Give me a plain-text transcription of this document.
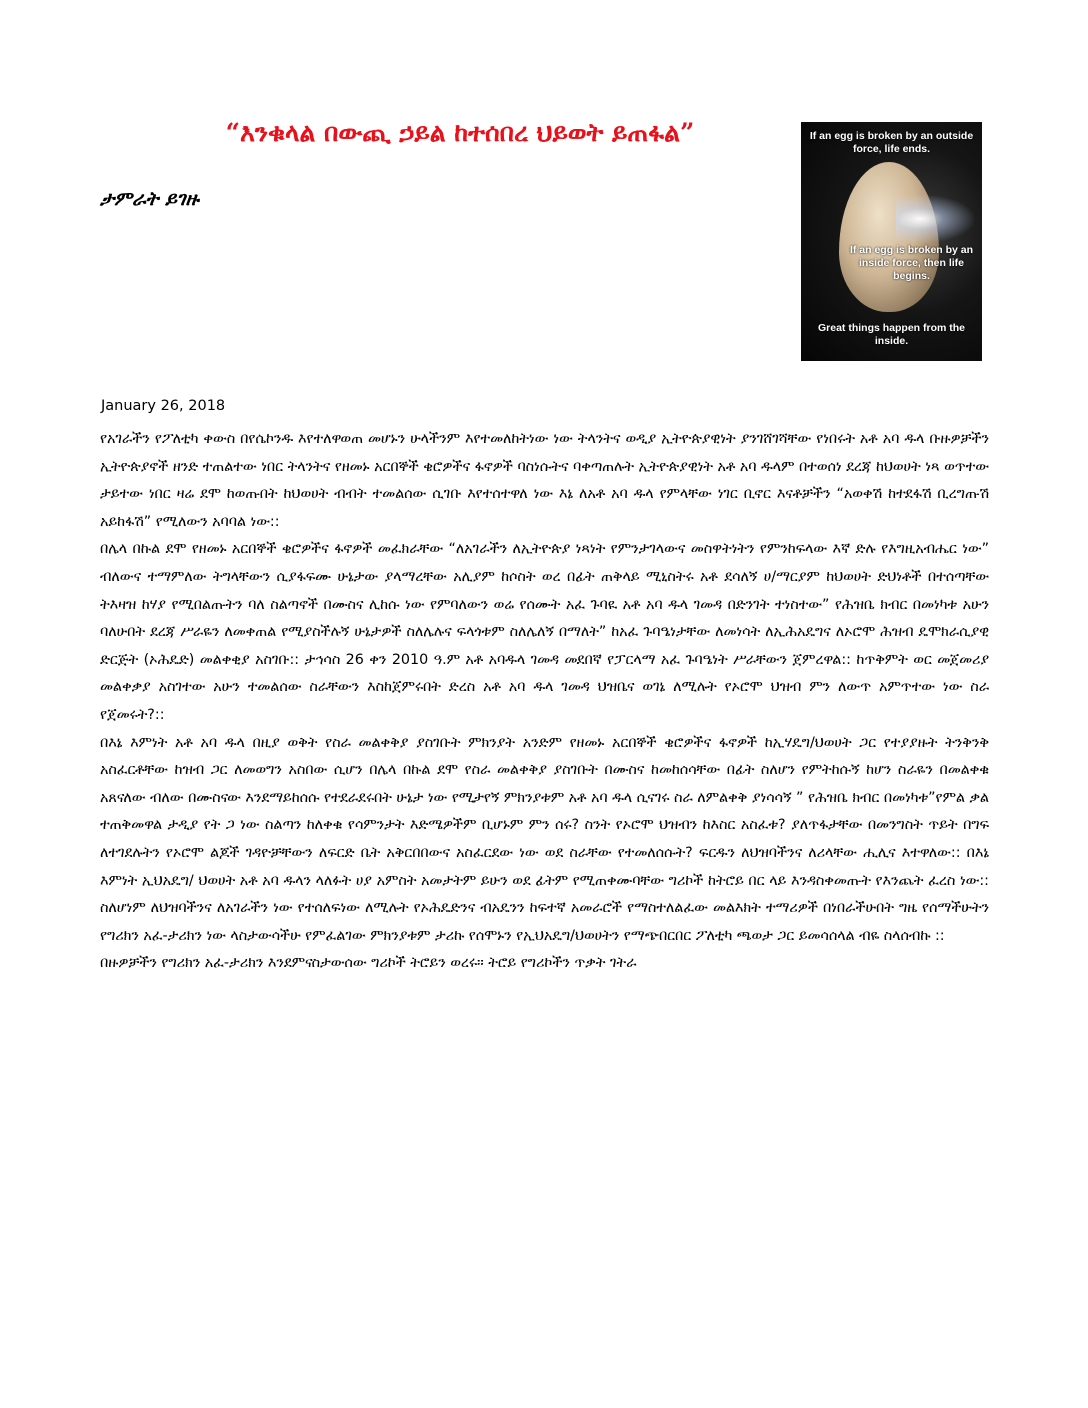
“እንቁላል በውጪ ኃይል ከተሰበረ ህይወት ይጠፋል”
ታምራት ይገዙ
If an egg is broken by an outside force, life ends.
If an egg is broken by an inside force, then life begins.
Great things happen from the inside.
January 26, 2018

የአገራችን የፖለቲካ ቀውስ በየሴኮንዱ እየተለዋወጠ መሆኑን ሁላችንም እየተመለከትነው ነው ትላንትና ወዲያ ኢትዮጵያዊነት ያንገሸገሻቸው የነበሩት አቶ አባ ዱላ ቡዙዎቻችን ኢትዮጵያኖች ዘንድ ተጠልተው ነበር ትላንትና የዘመኑ አርበኞች ቄሮዎችና ፋኖዎች ባስነሱትና ባቀጣጠሉት ኢትዮጵያዊነት አቶ አባ ዱላም በተወሰነ ደረጃ ከህወሀት ነጻ ወጥተው ታይተው ነበር ዛሬ ደሞ ከወጡበት ከህወሀት ብብት ተመልሰው ሲገቡ እየተሰተዋለ ነው እኔ ለአቶ አባ ዱላ የምላቸው ነገር ቢኖር እናቶቻችን “አወቀሽ ከተደፋሽ ቢረግጡሽ አይከፋሽ” የሚለውን አባባል ነው::

በሌላ በኩል ደሞ የዘመኑ አርበኞች ቄሮዎችና ፋኖዎች መፈክራቸው “ለአገራችን ለኢትዮጵያ ነጻነት የምንታገላውና መስዋትነትን የምንከፍላው እኛ ድሉ የእግዚአብሔር ነው” ብለውና ተማምለው ትግላቸውን ሲያፋፍሙ ሁኔታው ያላማረቸው አሊያም ከሶስት ወረ በፊት ጠቅላይ ሚኒስትሩ አቶ ደሳለኝ ሀ/ማርያም ከህወሀት ድህነቶች በተሰጣቸው ትእዛዝ ከሃያ የሚበልጡትን ባለ ስልጣኖች በሙስና ሊከሱ ነው የምባለውን ወሬ የሰሙት አፈ ጉባዪ አቶ አባ ዱላ ገመዳ በድንገት ተነስተው” የሕዝቤ ክብር በመነካቱ አሁን ባለሁበት ደረጃ ሥራዬን ለመቀጠል የሚያስችሉኝ ሁኔታዎች ስለሌሉና ፍላጎቱም ስለሌለኝ በማለት” ከአፈ ጉባዔነታቸው ለመነሳት ለኢሕአዴግና ለኦሮሞ ሕዝብ ዴሞክራሲያዊ ድርጅት (ኦሕዴድ) መልቀቂያ አስገቡ:: ታኅሳስ 26 ቀን 2010 ዓ.ም አቶ አባዱላ ገመዳ መደበኛ የፓርላማ አፈ ጉባዔነት ሥራቸውን ጀምረዋል:: ከጥቅምት ወር መጀመሪያ መልቀቃያ አስገተው አሁን ተመልሰው ስራቸውን እስከጀምሩበት ድረስ አቶ አባ ዱላ ገመዳ ህዝቤና ወገኔ ለሚሉት የኦሮሞ ህዝብ ምን ለውጥ አምጥተው ነው ስራ የጀመሩት?::

በእኔ እምነት አቶ አባ ዱላ በዚያ ወቅት የስራ መልቀቅያ ያስገቡት ምክንያት አንድም የዘመኑ አርበኞች ቄሮዎችና ፋኖዎች ከኢሃዴግ/ህወሀት ጋር የተያያዙት ትንቅንቅ አስፈርቶቸው ከዝብ ጋር ለመወግን አስበው ሲሆን በሌላ በኩል ደሞ የስራ መልቀቅያ ያስገቡት በሙስና ከመከሰሳቸው በፊት ስለሆን የምትከሱኝ ከሆን ስራዬን በመልቀቁ አጸናለው ብለው በሙስናው እንደማይከሰሱ የተደራደሩበት ሁኔታ ነው የሚታየኝ ምክንያቱም አቶ አባ ዱላ ሲናገሩ ስራ ለምልቀቅ ያነሳሳኝ ” የሕዝቤ ክብር በመነካቱ”የምል ቃል ተጠቅመዋል ታዲያ የት ጋ ነው ስልጣን ከለቀቁ የሳምንታት እድሜዎችም ቢሆኑም ምን ሰሩ? ስንት የኦሮሞ ህዝብን ከእስር አስፈቱ? ያለጥፋታቸው በመንግስት ጥይት በግፍ ለተገደሉትን የኦሮሞ ልጆች ገዳዮቻቸውን ለፍርድ ቤት አቅርበበውና አስፈርደው ነው ወደ ስራቸው የተመለሰሱት? ፍርዱን ለህዝባችንና ለሪላቸው ሒሊና እተዋለው:: በእኔ እምነት ኢህአዴግ/ ህወሀት አቶ አባ ዱላን ላለፉት ሀያ አምስት አመታትም ይሁን ወደ ፊትም የሚጠቀሙባቸው ግሪኮች ከትሮይ በር ላይ እንዳስቀመጡት የእንጨት ፈረስ ነው:: ስለሆነም ለህዝባችንና ለአገራችን ነው የተሰለፍነው ለሚሉት የኦሕዴድንና ብአዴንን ከፍተኛ አመራሮች የማስተለልፈው መልእክት ተማሪዎች በነበራችሁበት ግዜ የሰማችሁትን የግሪክን አፈ-ታሪክን ነው ላስታውሳችሁ የምፈልገው ምክንያቱም ታሪኩ የሰሞኑን የኢህአዴግ/ህወሀትን የማጭበርበር ፖለቲካ ጫወታ ጋር ይመሳሰላል ብዬ ስላሰብኩ ::

በዙዎቻችን የግሪክን አፈ-ታሪክን እንደምናስታውሰው ግሪኮች ትሮይን ወረሩ። ትሮይ የግሪኮችን ጥቃት ገትራ
